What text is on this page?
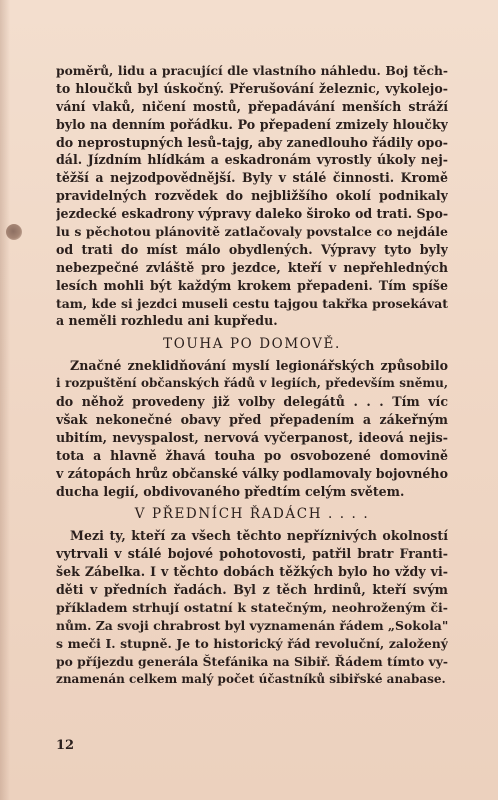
poměrů, lidu a pracující dle vlastního náhledu. Boj těch-
to hloučků byl úskočný. Přerušování železnic, vykolejo-
vání vlaků, ničení mostů, přepadávání menších stráží
bylo na denním pořádku. Po přepadení zmizely hloučky
do neprostupných lesů-tajg, aby zanedlouho řádily opo-
dál. Jízdním hlídkám a eskadronám vyrostly úkoly nej-
těžší a nejzodpovědnější. Byly v stálé činnosti. Kromě
pravidelných rozvědek do nejbližšího okolí podnikaly
jezdecké eskadrony výpravy daleko široko od trati. Spo-
lu s pěchotou plánovitě zatlačovaly povstalce co nejdále
od trati do míst málo obydlených. Výpravy tyto byly
nebezpečné zvláště pro jezdce, kteří v nepřehledných
lesích mohli být každým krokem přepadeni. Tím spíše
tam, kde si jezdci museli cestu tajgou takřka prosekávat
a neměli rozhledu ani kupředu.
TOUHA PO DOMOVĚ.
Značné zneklidňování myslí legionářských způsobilo
i rozpuštění občanských řádů v legiích, především sněmu,
do něhož provedeny již volby delegátů . . . Tím víc
však nekonečné obavy před přepadením a zákeřným
ubitím, nevyspalost, nervová vyčerpanost, ideová nejis-
tota a hlavně žhavá touha po osvobozené domovině
v zátopách hrůz občanské války podlamovaly bojovného
ducha legií, obdivovaného předtím celým světem.
V PŘEDNÍCH ŘADÁCH . . . .
Mezi ty, kteří za všech těchto nepříznivých okolností
vytrvali v stálé bojové pohotovosti, patřil bratr Franti-
šek Zábelka. I v těchto dobách těžkých bylo ho vždy vi-
děti v předních řadách. Byl z těch hrdinů, kteří svým
příkladem strhují ostatní k statečným, neohroženým či-
nům. Za svoji chrabrost byl vyznamenán řádem „Sokola"
s meči I. stupně. Je to historický řád revoluční, založený
po příjezdu generála Štefánika na Sibiř. Řádem tímto vy-
znamenán celkem malý počet účastníků sibiřské anabase.
12
